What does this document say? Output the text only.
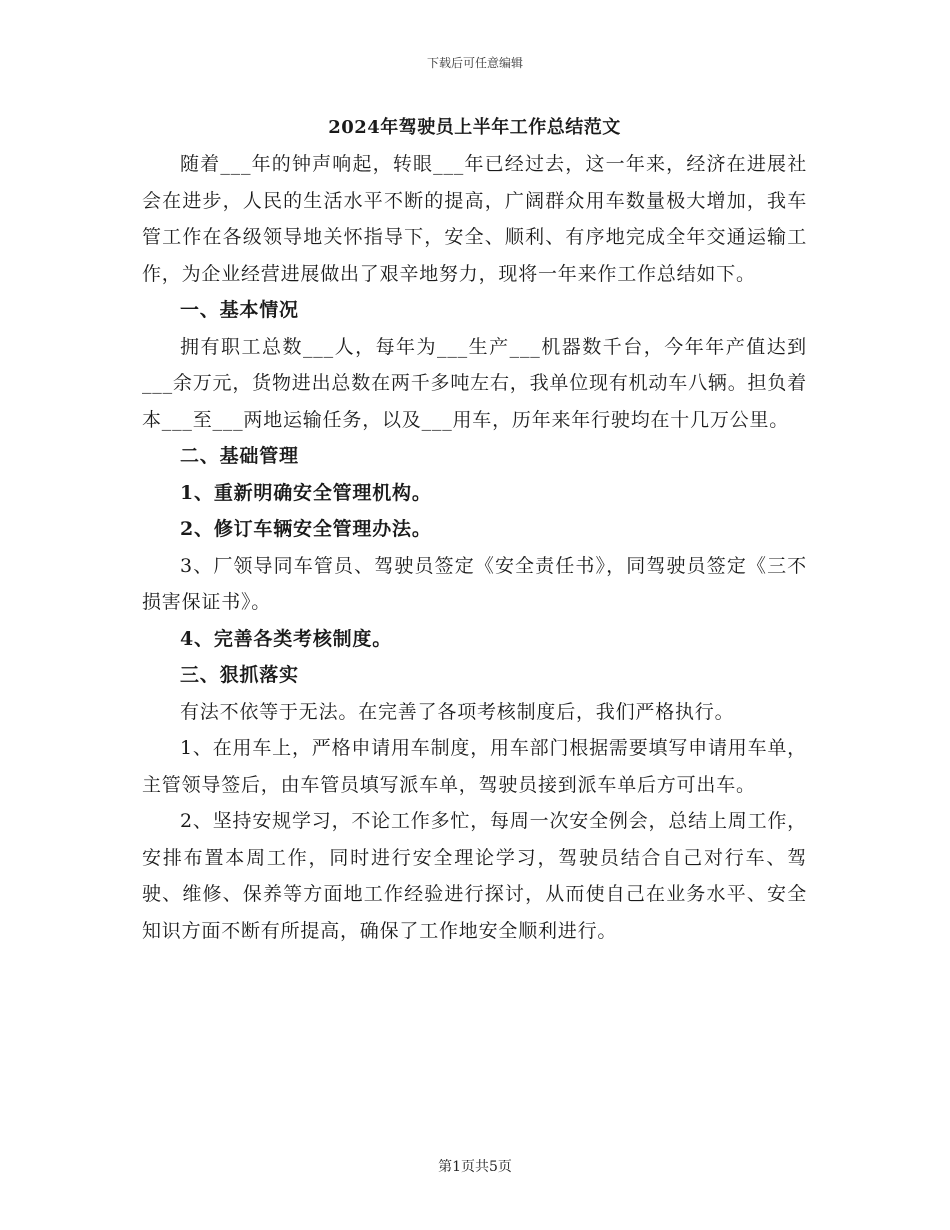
下载后可任意编辑
2024年驾驶员上半年工作总结范文

随着___年的钟声响起，转眼___年已经过去，这一年来，经济在进展社会在进步，人民的生活水平不断的提高，广阔群众用车数量极大增加，我车管工作在各级领导地关怀指导下，安全、顺利、有序地完成全年交通运输工作，为企业经营进展做出了艰辛地努力，现将一年来作工作总结如下。

一、基本情况

拥有职工总数___人，每年为___生产___机器数千台，今年年产值达到___余万元，货物进出总数在两千多吨左右，我单位现有机动车八辆。担负着本___至___两地运输任务，以及___用车，历年来年行驶均在十几万公里。

二、基础管理

1、重新明确安全管理机构。

2、修订车辆安全管理办法。

3、厂领导同车管员、驾驶员签定《安全责任书》，同驾驶员签定《三不损害保证书》。

4、完善各类考核制度。

三、狠抓落实

有法不依等于无法。在完善了各项考核制度后，我们严格执行。

1、在用车上，严格申请用车制度，用车部门根据需要填写申请用车单，主管领导签后，由车管员填写派车单，驾驶员接到派车单后方可出车。

2、坚持安规学习，不论工作多忙，每周一次安全例会，总结上周工作，安排布置本周工作，同时进行安全理论学习，驾驶员结合自己对行车、驾驶、维修、保养等方面地工作经验进行探讨，从而使自己在业务水平、安全知识方面不断有所提高，确保了工作地安全顺利进行。

第1页共5页
